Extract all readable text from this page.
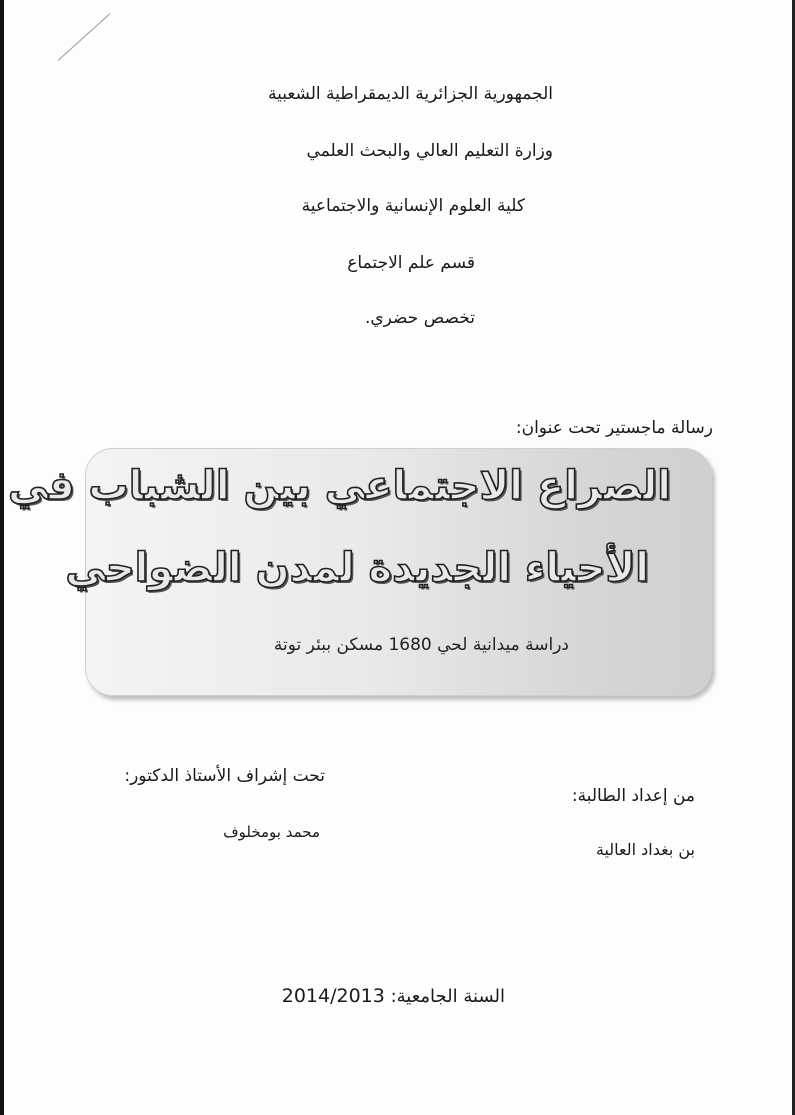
الجمهورية الجزائرية الديمقراطية الشعبية
وزارة التعليم العالي والبحث العلمي
كلية العلوم الإنسانية والاجتماعية
قسم علم الاجتماع
تخصص حضري.
رسالة ماجستير تحت عنوان:
الصراع الاجتماعي بين الشباب في
الأحياء الجديدة لمدن الضواحي
دراسة ميدانية لحي 1680 مسكن ببئر توتة
تحت إشراف الأستاذ الدكتور:
محمد بومخلوف
من إعداد الطالبة:
بن بغداد العالية
السنة الجامعية: 2014/2013
